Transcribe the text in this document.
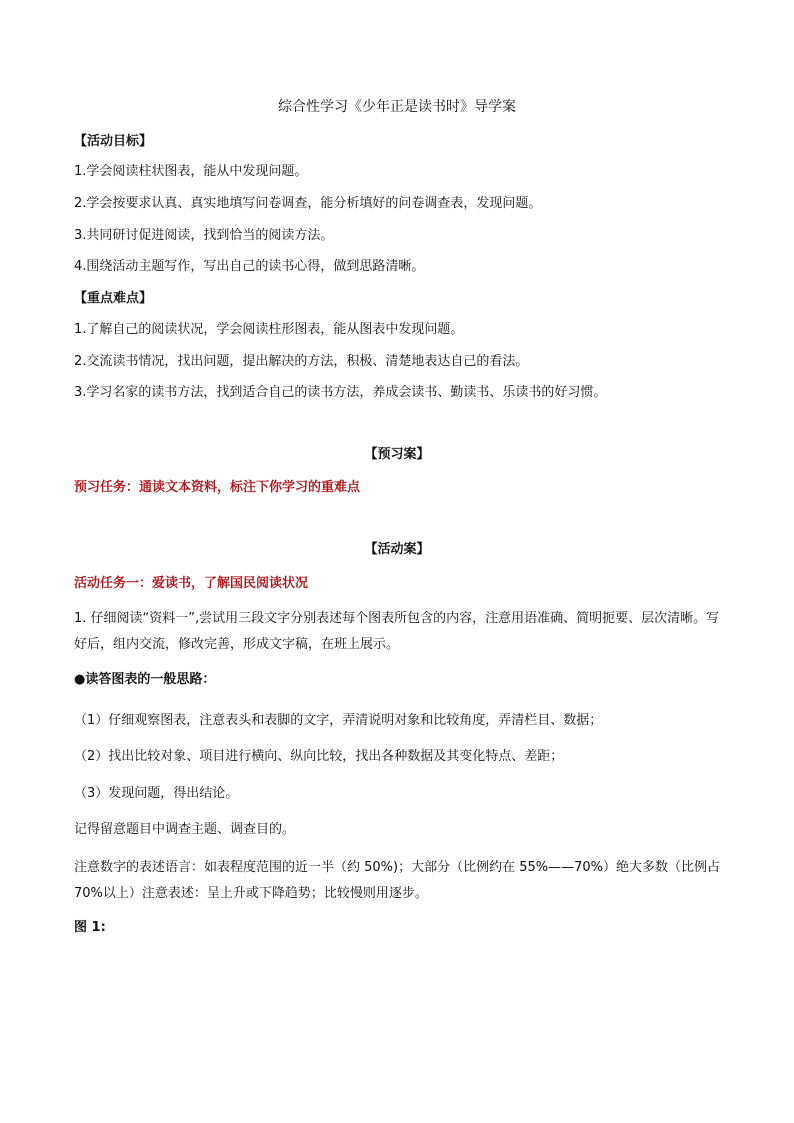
综合性学习《少年正是读书时》导学案
【活动目标】
1.学会阅读柱状图表，能从中发现问题。
2.学会按要求认真、真实地填写问卷调查，能分析填好的问卷调查表，发现问题。
3.共同研讨促进阅读，找到恰当的阅读方法。
4.围绕活动主题写作，写出自己的读书心得，做到思路清晰。
【重点难点】
1.了解自己的阅读状况，学会阅读柱形图表，能从图表中发现问题。
2.交流读书情况，找出问题，提出解决的方法，积极、清楚地表达自己的看法。
3.学习名家的读书方法，找到适合自己的读书方法，养成会读书、勤读书、乐读书的好习惯。
【预习案】
预习任务：通读文本资料，标注下你学习的重难点
【活动案】
活动任务一：爱读书，了解国民阅读状况
1. 仔细阅读“资料一”,尝试用三段文字分别表述每个图表所包含的内容，注意用语准确、简明扼要、层次清晰。写好后，组内交流，修改完善，形成文字稿，在班上展示。
●读答图表的一般思路：
（1）仔细观察图表，注意表头和表脚的文字，弄清说明对象和比较角度，弄清栏目、数据；
（2）找出比较对象、项目进行横向、纵向比较，找出各种数据及其变化特点、差距；
（3）发现问题，得出结论。
记得留意题目中调查主题、调查目的。
注意数字的表述语言：如表程度范围的近一半（约 50%)；大部分（比例约在 55%——70%）绝大多数（比例占 70%以上）注意表述：呈上升或下降趋势；比较慢则用逐步。
图 1:
